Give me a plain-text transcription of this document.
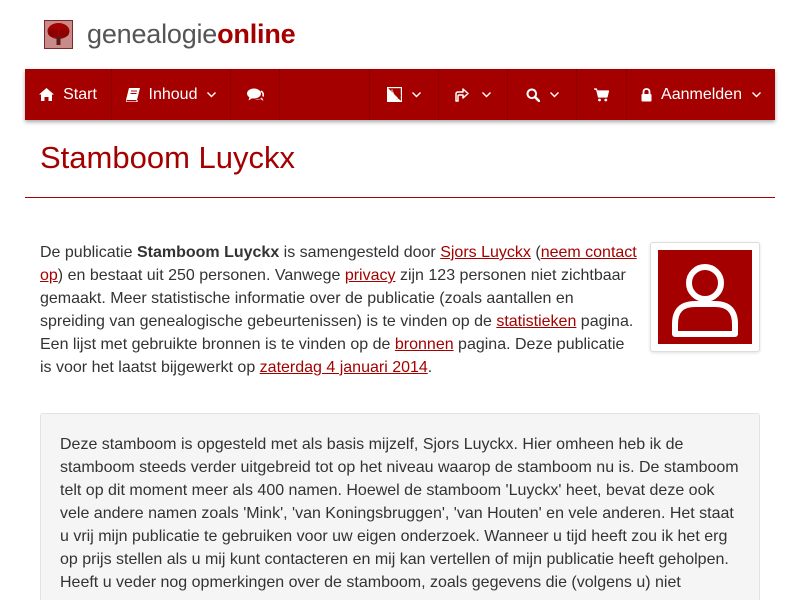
genealogieonline
Start	Inhoud	A
文	Aanmelden
Stamboom Luyckx

De publicatie Stamboom Luyckx is samengesteld door Sjors Luyckx (neem contact op) en bestaat uit 250 personen. Vanwege privacy zijn 123 personen niet zichtbaar gemaakt. Meer statistische informatie over de publicatie (zoals aantallen en spreiding van genealogische gebeurtenissen) is te vinden op de statistieken pagina. Een lijst met gebruikte bronnen is te vinden op de bronnen pagina. Deze publicatie is voor het laatst bijgewerkt op zaterdag 4 januari 2014.

Deze stamboom is opgesteld met als basis mijzelf, Sjors Luyckx. Hier omheen heb ik de stamboom steeds verder uitgebreid tot op het niveau waarop de stamboom nu is. De stamboom telt op dit moment meer als 400 namen. Hoewel de stamboom 'Luyckx' heet, bevat deze ook vele andere namen zoals 'Mink', 'van Koningsbruggen', 'van Houten' en vele anderen. Het staat u vrij mijn publicatie te gebruiken voor uw eigen onderzoek. Wanneer u tijd heeft zou ik het erg op prijs stellen als u mij kunt contacteren en mij kan vertellen of mijn publicatie heeft geholpen. Heeft u veder nog opmerkingen over de stamboom, zoals gegevens die (volgens u) niet
